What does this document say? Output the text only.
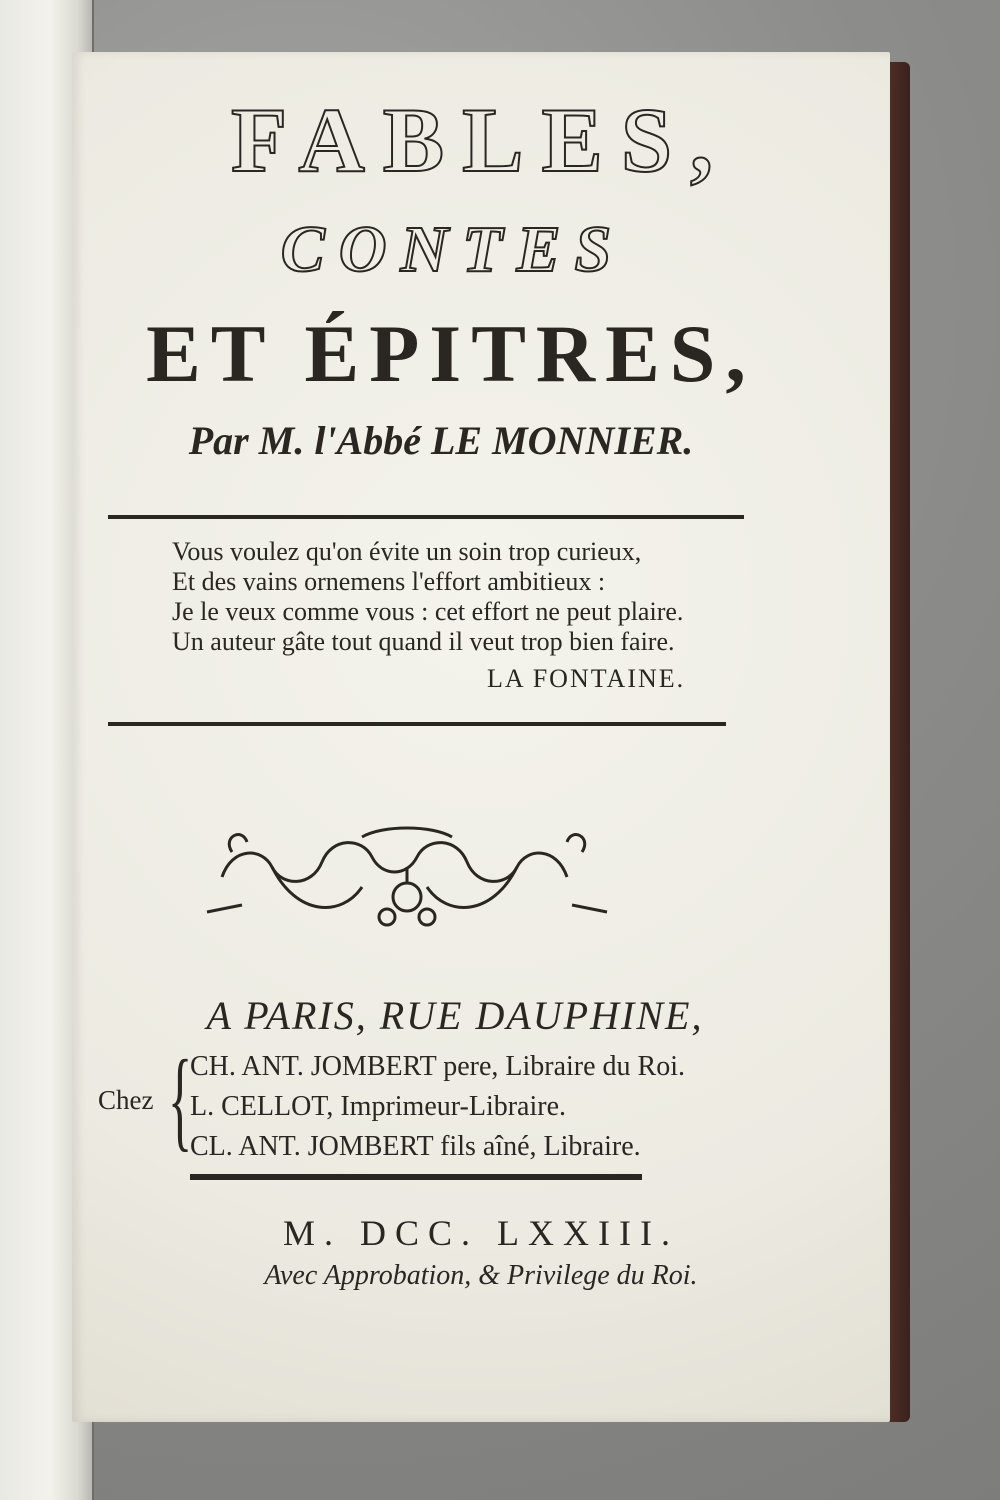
FABLES,
CONTES
ET ÉPITRES,
Par M. l'Abbé LE MONNIER.
Vous voulez qu'on évite un soin trop curieux,
Et des vains ornemens l'effort ambitieux :
Je le veux comme vous : cet effort ne peut plaire.
Un auteur gâte tout quand il veut trop bien faire.
LA FONTAINE.
A PARIS, RUE DAUPHINE,
Chez {
CH. ANT. JOMBERT pere, Libraire du Roi.
L. CELLOT, Imprimeur-Libraire.
CL. ANT. JOMBERT fils aîné, Libraire.
M. DCC. LXXIII.
Avec Approbation, & Privilege du Roi.
